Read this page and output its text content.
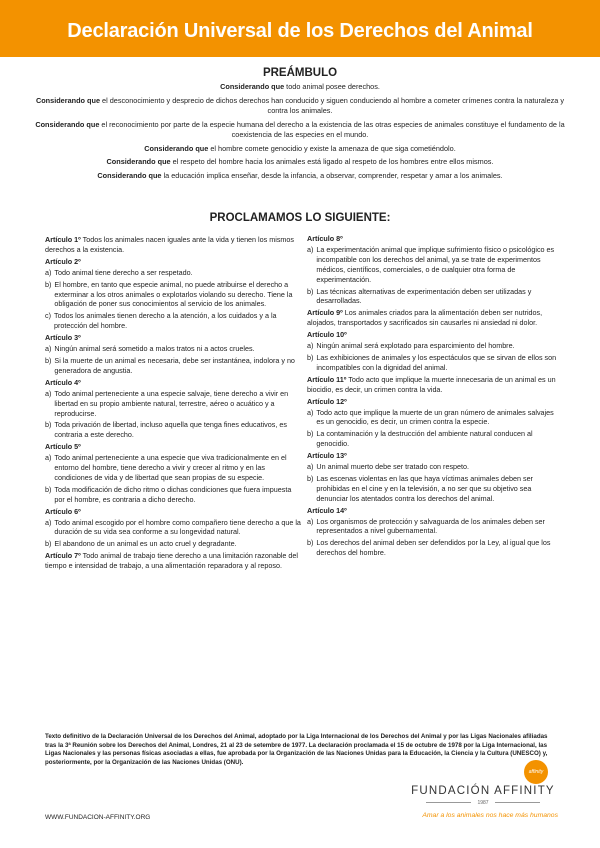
Declaración Universal de los Derechos del Animal
PREÁMBULO

Considerando que todo animal posee derechos.

Considerando que el desconocimiento y desprecio de dichos derechos han conducido y siguen conduciendo al hombre a cometer crímenes contra la naturaleza y contra los animales.

Considerando que el reconocimiento por parte de la especie humana del derecho a la existencia de las otras especies de animales constituye el fundamento de la coexistencia de las especies en el mundo.

Considerando que el hombre comete genocidio y existe la amenaza de que siga cometiéndolo.

Considerando que el respeto del hombre hacia los animales está ligado al respeto de los hombres entre ellos mismos.

Considerando que la educación implica enseñar, desde la infancia, a observar, comprender, respetar y amar a los animales.

PROCLAMAMOS LO SIGUIENTE:
Artículo 1º Todos los animales nacen iguales ante la vida y tienen los mismos derechos a la existencia.
Artículo 2º
a) Todo animal tiene derecho a ser respetado.
b) El hombre, en tanto que especie animal, no puede atribuirse el derecho a exterminar a los otros animales o explotarlos violando su derecho. Tiene la obligación de poner sus conocimientos al servicio de los animales.
c) Todos los animales tienen derecho a la atención, a los cuidados y a la protección del hombre.
Artículo 3º
a) Ningún animal será sometido a malos tratos ni a actos crueles.
b) Si la muerte de un animal es necesaria, debe ser instantánea, indolora y no generadora de angustia.
Artículo 4º
a) Todo animal perteneciente a una especie salvaje, tiene derecho a vivir en libertad en su propio ambiente natural, terrestre, aéreo o acuático y a reproducirse.
b) Toda privación de libertad, incluso aquella que tenga fines educativos, es contraria a este derecho.
Artículo 5º
a) Todo animal perteneciente a una especie que viva tradicionalmente en el entorno del hombre, tiene derecho a vivir y crecer al ritmo y en las condiciones de vida y de libertad que sean propias de su especie.
b) Toda modificación de dicho ritmo o dichas condiciones que fuera impuesta por el hombre, es contraria a dicho derecho.
Artículo 6º
a) Todo animal escogido por el hombre como compañero tiene derecho a que la duración de su vida sea conforme a su longevidad natural.
b) El abandono de un animal es un acto cruel y degradante.
Artículo 7º Todo animal de trabajo tiene derecho a una limitación razonable del tiempo e intensidad de trabajo, a una alimentación reparadora y al reposo.
Artículo 8º
a) La experimentación animal que implique sufrimiento físico o psicológico es incompatible con los derechos del animal, ya se trate de experimentos médicos, científicos, comerciales, o de cualquier otra forma de experimentación.
b) Las técnicas alternativas de experimentación deben ser utilizadas y desarrolladas.
Artículo 9º Los animales criados para la alimentación deben ser nutridos, alojados, transportados y sacrificados sin causarles ni ansiedad ni dolor.
Artículo 10º
a) Ningún animal será explotado para esparcimiento del hombre.
b) Las exhibiciones de animales y los espectáculos que se sirvan de ellos son incompatibles con la dignidad del animal.
Artículo 11º Todo acto que implique la muerte innecesaria de un animal es un biocidio, es decir, un crimen contra la vida.
Artículo 12º
a) Todo acto que implique la muerte de un gran número de animales salvajes es un genocidio, es decir, un crimen contra la especie.
b) La contaminación y la destrucción del ambiente natural conducen al genocidio.
Artículo 13º
a) Un animal muerto debe ser tratado con respeto.
b) Las escenas violentas en las que haya víctimas animales deben ser prohibidas en el cine y en la televisión, a no ser que su objetivo sea denunciar los atentados contra los derechos del animal.
Artículo 14º
a) Los organismos de protección y salvaguarda de los animales deben ser representados a nivel gubernamental.
b) Los derechos del animal deben ser defendidos por la Ley, al igual que los derechos del hombre.
Texto definitivo de la Declaración Universal de los Derechos del Animal, adoptado por la Liga Internacional de los Derechos del Animal y por las Ligas Nacionales afiliadas tras la 3ª Reunión sobre los Derechos del Animal, Londres, 21 al 23 de setembre de 1977. La declaración proclamada el 15 de octubre de 1978 por la Liga Internacional, las Ligas Nacionales y las personas físicas asociadas a ellas, fue aprobada por la Organización de las Naciones Unidas para la Educación, la Ciencia y la Cultura (UNESCO) y, posteriormente, por la Organización de las Naciones Unidas (ONU).
WWW.FUNDACION-AFFINITY.ORG
affinity
FUNDACIÓN AFFINITY
1987
Amar a los animales nos hace más humanos
